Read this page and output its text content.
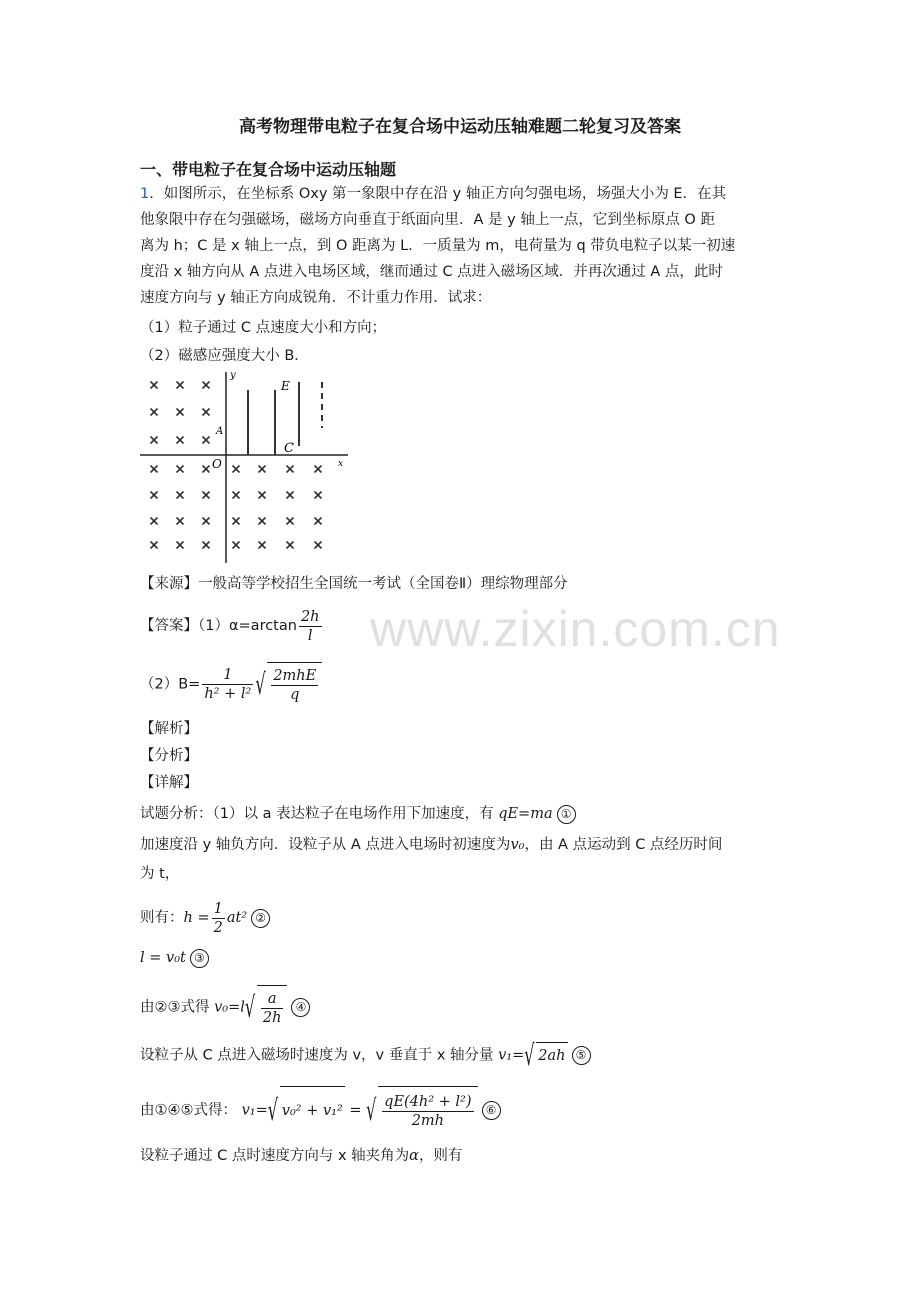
www.zixin.com.cn
高考物理带电粒子在复合场中运动压轴难题二轮复习及答案
一、带电粒子在复合场中运动压轴题
1．如图所示，在坐标系 Oxy 第一象限中存在沿 y 轴正方向匀强电场，场强大小为 E．在其
他象限中存在匀强磁场，磁场方向垂直于纸面向里．A 是 y 轴上一点，它到坐标原点 O 距
离为 h；C 是 x 轴上一点，到 O 距离为 L．一质量为 m，电荷量为 q 带负电粒子以某一初速
度沿 x 轴方向从 A 点进入电场区域，继而通过 C 点进入磁场区域．并再次通过 A 点，此时
速度方向与 y 轴正方向成锐角．不计重力作用．试求：
（1）粒子通过 C 点速度大小和方向；
（2）磁感应强度大小 B．
y
E
A
O
C
x
【来源】一般高等学校招生全国统一考试（全国卷Ⅱ）理综物理部分
【答案】$(1)\alpha=\arctan \frac{2h}{l}$
$(2)B= \frac{1}{\text{h² + l²}}$ √ $\frac{\text{2mhE}}{q}$
【解析】
【分析】
【详解】
试题分析：（1）以 a 表达粒子在电场作用下加速度，有 qE=ma ①
加速度沿 y 轴负方向．设粒子从 A 点进入电场时初速度为v₀，由 A 点运动到 C 点经历时间
为 t，
则有：$h = \frac{1}{2} at^2$ ②
l = v₀t ③
由②③式得 v₀=l √ $\frac{a}{2h}$ ④
设粒子从 C 点进入磁场时速度为 v，v 垂直于 x 轴分量 v₁= √ 2ah ⑤
由①④⑤式得： v₁= √ v₀² + v₁² = √ $\frac{\text{qE(4h² + l²)}}{2mh}$ ⑥
设粒子通过 C 点时速度方向与 x 轴夹角为α，则有
